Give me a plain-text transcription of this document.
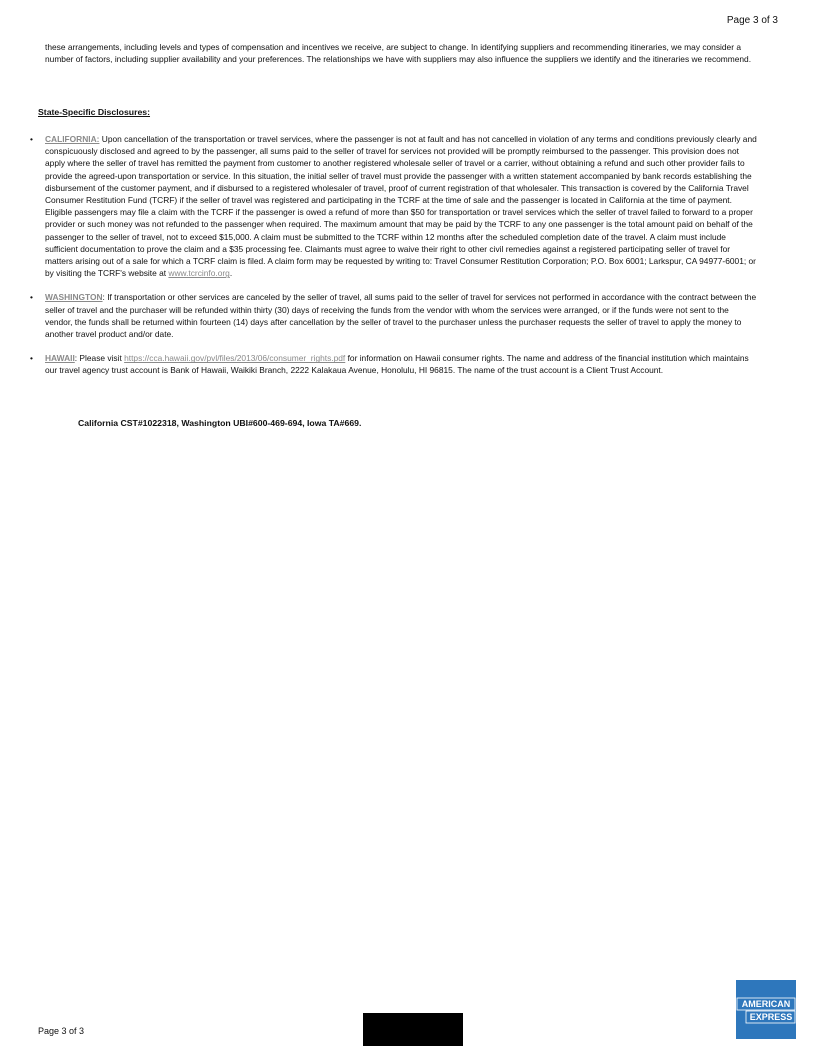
Page 3 of 3

these arrangements, including levels and types of compensation and incentives we receive, are subject to change. In identifying suppliers and recommending itineraries, we may consider a number of factors, including supplier availability and your preferences. The relationships we have with suppliers may also influence the suppliers we identify and the itineraries we recommend.

State-Specific Disclosures:

• CALIFORNIA: Upon cancellation of the transportation or travel services, where the passenger is not at fault and has not cancelled in violation of any terms and conditions previously clearly and conspicuously disclosed and agreed to by the passenger, all sums paid to the seller of travel for services not provided will be promptly reimbursed to the passenger. This provision does not apply where the seller of travel has remitted the payment from customer to another registered wholesale seller of travel or a carrier, without obtaining a refund and such other provider fails to provide the agreed-upon transportation or service. In this situation, the initial seller of travel must provide the passenger with a written statement accompanied by bank records establishing the disbursement of the customer payment, and if disbursed to a registered wholesaler of travel, proof of current registration of that wholesaler. This transaction is covered by the California Travel Consumer Restitution Fund (TCRF) if the seller of travel was registered and participating in the TCRF at the time of sale and the passenger is located in California at the time of payment. Eligible passengers may file a claim with the TCRF if the passenger is owed a refund of more than $50 for transportation or travel services which the seller of travel failed to forward to a proper provider or such money was not refunded to the passenger when required. The maximum amount that may be paid by the TCRF to any one passenger is the total amount paid on behalf of the passenger to the seller of travel, not to exceed $15,000. A claim must be submitted to the TCRF within 12 months after the scheduled completion date of the travel. A claim must include sufficient documentation to prove the claim and a $35 processing fee. Claimants must agree to waive their right to other civil remedies against a registered participating seller of travel for matters arising out of a sale for which a TCRF claim is filed. A claim form may be requested by writing to: Travel Consumer Restitution Corporation; P.O. Box 6001; Larkspur, CA 94977-6001; or by visiting the TCRF's website at www.tcrcinfo.org.
• WASHINGTON: If transportation or other services are canceled by the seller of travel, all sums paid to the seller of travel for services not performed in accordance with the contract between the seller of travel and the purchaser will be refunded within thirty (30) days of receiving the funds from the vendor with whom the services were arranged, or if the funds were not sent to the vendor, the funds shall be returned within fourteen (14) days after cancellation by the seller of travel to the purchaser unless the purchaser requests the seller of travel to apply the money to another travel product and/or date.
• HAWAII: Please visit https://cca.hawaii.gov/pvl/files/2013/06/consumer_rights.pdf for information on Hawaii consumer rights. The name and address of the financial institution which maintains our travel agency trust account is Bank of Hawaii, Waikiki Branch, 2222 Kalakaua Avenue, Honolulu, HI 96815. The name of the trust account is a Client Trust Account.

California CST#1022318, Washington UBI#600-469-694, Iowa TA#669.

Page 3 of 3
AMERICAN
EXPRESS
